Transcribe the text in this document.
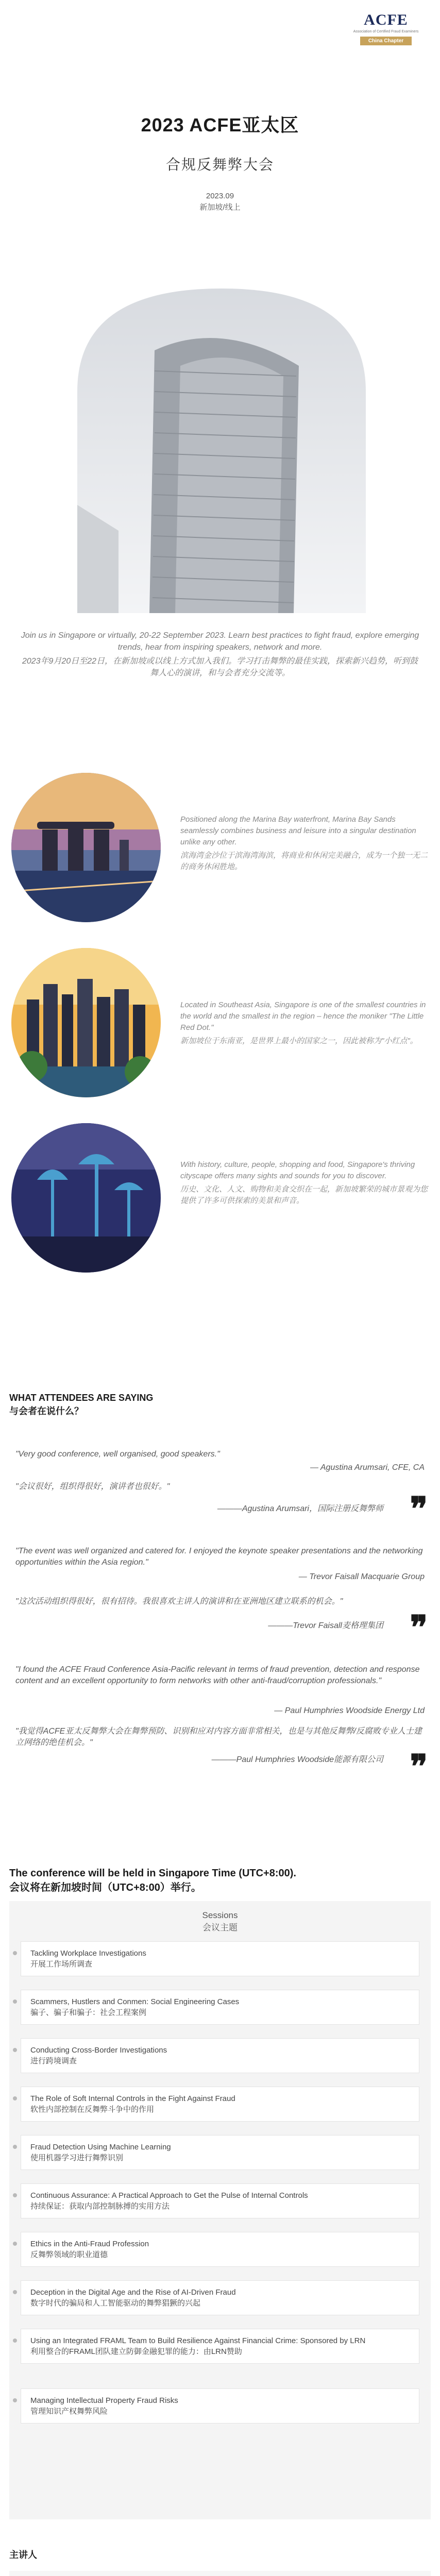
ACFE
Association of Certified Fraud Examiners
China Chapter
2023 ACFE亚太区
合规反舞弊大会
2023.09
新加坡/线上
Join us in Singapore or virtually, 20-22 September 2023. Learn best practices to fight fraud, explore emerging trends, hear from inspiring speakers, network and more.
2023年9月20日至22日，在新加坡或以线上方式加入我们。学习打击舞弊的最佳实践，探索新兴趋势，听到鼓舞人心的演讲，和与会者充分交流等。
Positioned along the Marina Bay waterfront, Marina Bay Sands seamlessly combines business and leisure into a singular destination unlike any other.
滨海湾金沙位于滨海湾海滨，将商业和休闲完美融合，成为一个独一无二的商务休闲胜地。
Located in Southeast Asia, Singapore is one of the smallest countries in the world and the smallest in the region – hence the moniker "The Little Red Dot."
新加坡位于东南亚，是世界上最小的国家之一，因此被称为"小红点"。
With history, culture, people, shopping and food, Singapore's thriving cityscape offers many sights and sounds for you to discover.
历史、文化、人文、购物和美食交织在一起，新加坡繁荣的城市景观为您提供了许多可供探索的美景和声音。
WHAT ATTENDEES ARE SAYING
与会者在说什么？
"Very good conference, well organised, good speakers."
— Agustina Arumsari, CFE, CA
"会议很好，组织得很好，演讲者也很好。"
———Agustina Arumsari，国际注册反舞弊师 ❞
"The event was well organized and catered for. I enjoyed the keynote speaker presentations and the networking opportunities within the Asia region."
— Trevor Faisall Macquarie Group
"这次活动组织得很好，很有招待。我很喜欢主讲人的演讲和在亚洲地区建立联系的机会。"
———Trevor Faisall麦格理集团 ❞
"I found the ACFE Fraud Conference Asia-Pacific relevant in terms of fraud prevention, detection and response content and an excellent opportunity to form networks with other anti-fraud/corruption professionals."
— Paul Humphries Woodside Energy Ltd
"我觉得ACFE亚太反舞弊大会在舞弊预防、识别和应对内容方面非常相关，也是与其他反舞弊/反腐败专业人士建立网络的绝佳机会。"
———Paul Humphries Woodside能源有限公司 ❞
The conference will be held in Singapore Time (UTC+8:00).
会议将在新加坡时间（UTC+8:00）举行。
Sessions
会议主题
Tackling Workplace Investigations
开展工作场所调查
Scammers, Hustlers and Conmen: Social Engineering Cases
骗子、骗子和骗子：社会工程案例
Conducting Cross-Border Investigations
进行跨境调查
The Role of Soft Internal Controls in the Fight Against Fraud
软性内部控制在反舞弊斗争中的作用
Fraud Detection Using Machine Learning
使用机器学习进行舞弊识别
Continuous Assurance: A Practical Approach to Get the Pulse of Internal Controls
持续保证：获取内部控制脉搏的实用方法
Ethics in the Anti-Fraud Profession
反舞弊领域的职业道德
Deception in the Digital Age and the Rise of AI-Driven Fraud
数字时代的骗局和人工智能驱动的舞弊猖獗的兴起
Using an Integrated FRAML Team to Build Resilience Against Financial Crime: Sponsored by LRN
利用整合的FRAML团队建立防御金融犯罪的能力：由LRN赞助
Managing Intellectual Property Fraud Risks
管理知识产权舞弊风险
主讲人
